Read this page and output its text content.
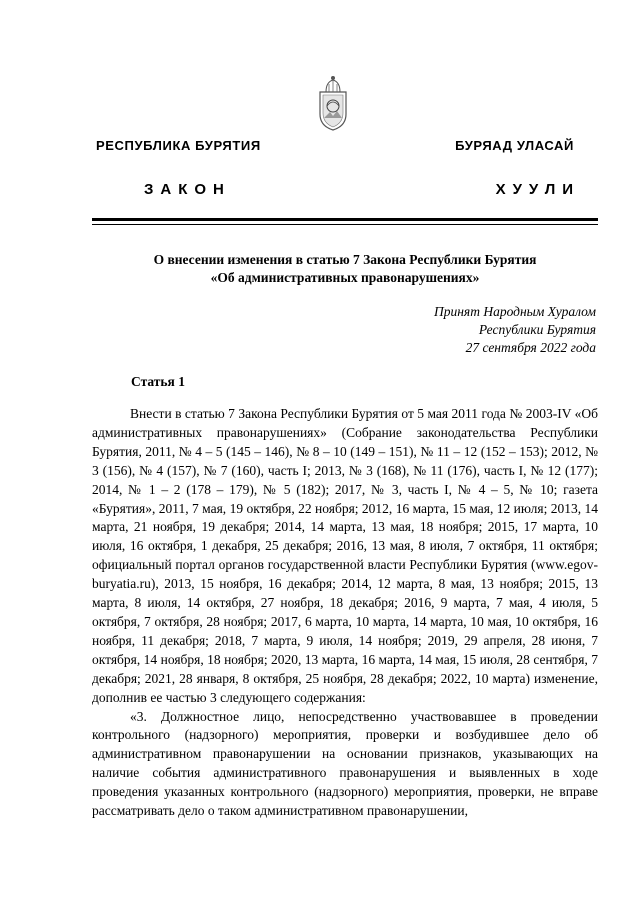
РЕСПУБЛИКА БУРЯТИЯ	БУРЯАД УЛАСАЙ
ЗАКОН	ХУУЛИ
О внесении изменения в статью 7 Закона Республики Бурятия
«Об административных правонарушениях»
Принят Народным Хуралом
Республики Бурятия
27 сентября 2022 года
Статья 1

Внести в статью 7 Закона Республики Бурятия от 5 мая 2011 года № 2003-IV «Об административных правонарушениях» (Собрание законодательства Республики Бурятия, 2011, № 4 – 5 (145 – 146), № 8 – 10 (149 – 151), № 11 – 12 (152 – 153); 2012, № 3 (156), № 4 (157), № 7 (160), часть I; 2013, № 3 (168), № 11 (176), часть I, № 12 (177); 2014, № 1 – 2 (178 – 179), № 5 (182); 2017, № 3, часть I, № 4 – 5, № 10; газета «Бурятия», 2011, 7 мая, 19 октября, 22 ноября; 2012, 16 марта, 15 мая, 12 июля; 2013, 14 марта, 21 ноября, 19 декабря; 2014, 14 марта, 13 мая, 18 ноября; 2015, 17 марта, 10 июля, 16 октября, 1 декабря, 25 декабря; 2016, 13 мая, 8 июля, 7 октября, 11 октября; официальный портал органов государственной власти Республики Бурятия (www.egov-buryatia.ru), 2013, 15 ноября, 16 декабря; 2014, 12 марта, 8 мая, 13 ноября; 2015, 13 марта, 8 июля, 14 октября, 27 ноября, 18 декабря; 2016, 9 марта, 7 мая, 4 июля, 5 октября, 7 октября, 28 ноября; 2017, 6 марта, 10 марта, 14 марта, 10 мая, 10 октября, 16 ноября, 11 декабря; 2018, 7 марта, 9 июля, 14 ноября; 2019, 29 апреля, 28 июня, 7 октября, 14 ноября, 18 ноября; 2020, 13 марта, 16 марта, 14 мая, 15 июля, 28 сентября, 7 декабря; 2021, 28 января, 8 октября, 25 ноября, 28 декабря; 2022, 10 марта) изменение, дополнив ее частью 3 следующего содержания:

«3. Должностное лицо, непосредственно участвовавшее в проведении контрольного (надзорного) мероприятия, проверки и возбудившее дело об административном правонарушении на основании признаков, указывающих на наличие события административного правонарушения и выявленных в ходе проведения указанных контрольного (надзорного) мероприятия, проверки, не вправе рассматривать дело о таком административном правонарушении,
